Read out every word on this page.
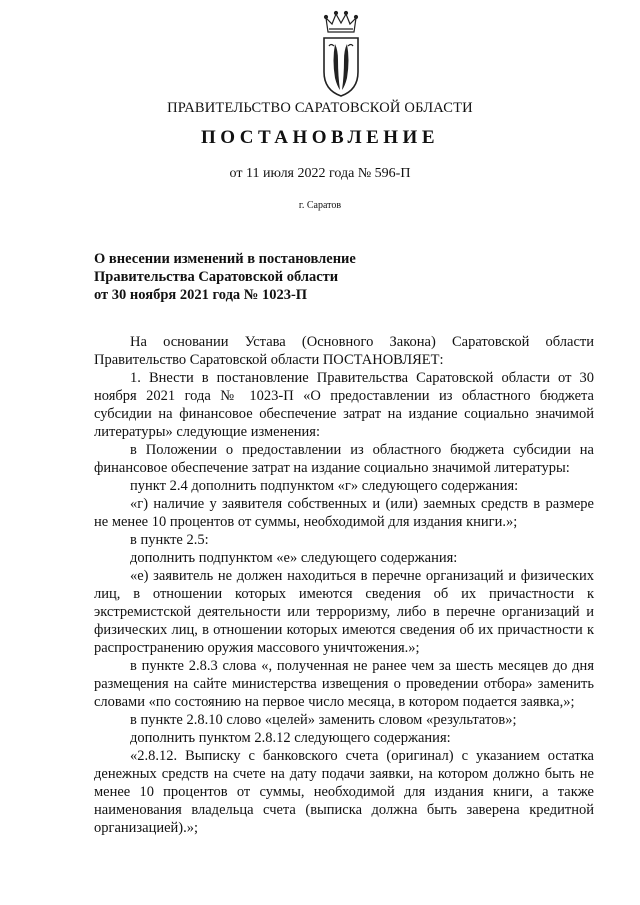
ПРАВИТЕЛЬСТВО САРАТОВСКОЙ ОБЛАСТИ
ПОСТАНОВЛЕНИЕ
от 11 июля 2022 года № 596-П
г. Саратов
О внесении изменений в постановление
Правительства Саратовской области
от 30 ноября 2021 года № 1023-П

На основании Устава (Основного Закона) Саратовской области Правительство Саратовской области ПОСТАНОВЛЯЕТ:

1. Внести в постановление Правительства Саратовской области от 30 ноября 2021 года № 1023-П «О предоставлении из областного бюджета субсидии на финансовое обеспечение затрат на издание социально значимой литературы» следующие изменения:

в Положении о предоставлении из областного бюджета субсидии на финансовое обеспечение затрат на издание социально значимой литературы:

пункт 2.4 дополнить подпунктом «г» следующего содержания:

«г) наличие у заявителя собственных и (или) заемных средств в размере не менее 10 процентов от суммы, необходимой для издания книги.»;

в пункте 2.5:

дополнить подпунктом «е» следующего содержания:

«е) заявитель не должен находиться в перечне организаций и физических лиц, в отношении которых имеются сведения об их причастности к экстремистской деятельности или терроризму, либо в перечне организаций и физических лиц, в отношении которых имеются сведения об их причастности к распространению оружия массового уничтожения.»;

в пункте 2.8.3 слова «, полученная не ранее чем за шесть месяцев до дня размещения на сайте министерства извещения о проведении отбора» заменить словами «по состоянию на первое число месяца, в котором подается заявка,»;

в пункте 2.8.10 слово «целей» заменить словом «результатов»;

дополнить пунктом 2.8.12 следующего содержания:

«2.8.12. Выписку с банковского счета (оригинал) с указанием остатка денежных средств на счете на дату подачи заявки, на котором должно быть не менее 10 процентов от суммы, необходимой для издания книги, а также наименования владельца счета (выписка должна быть заверена кредитной организацией).»;
